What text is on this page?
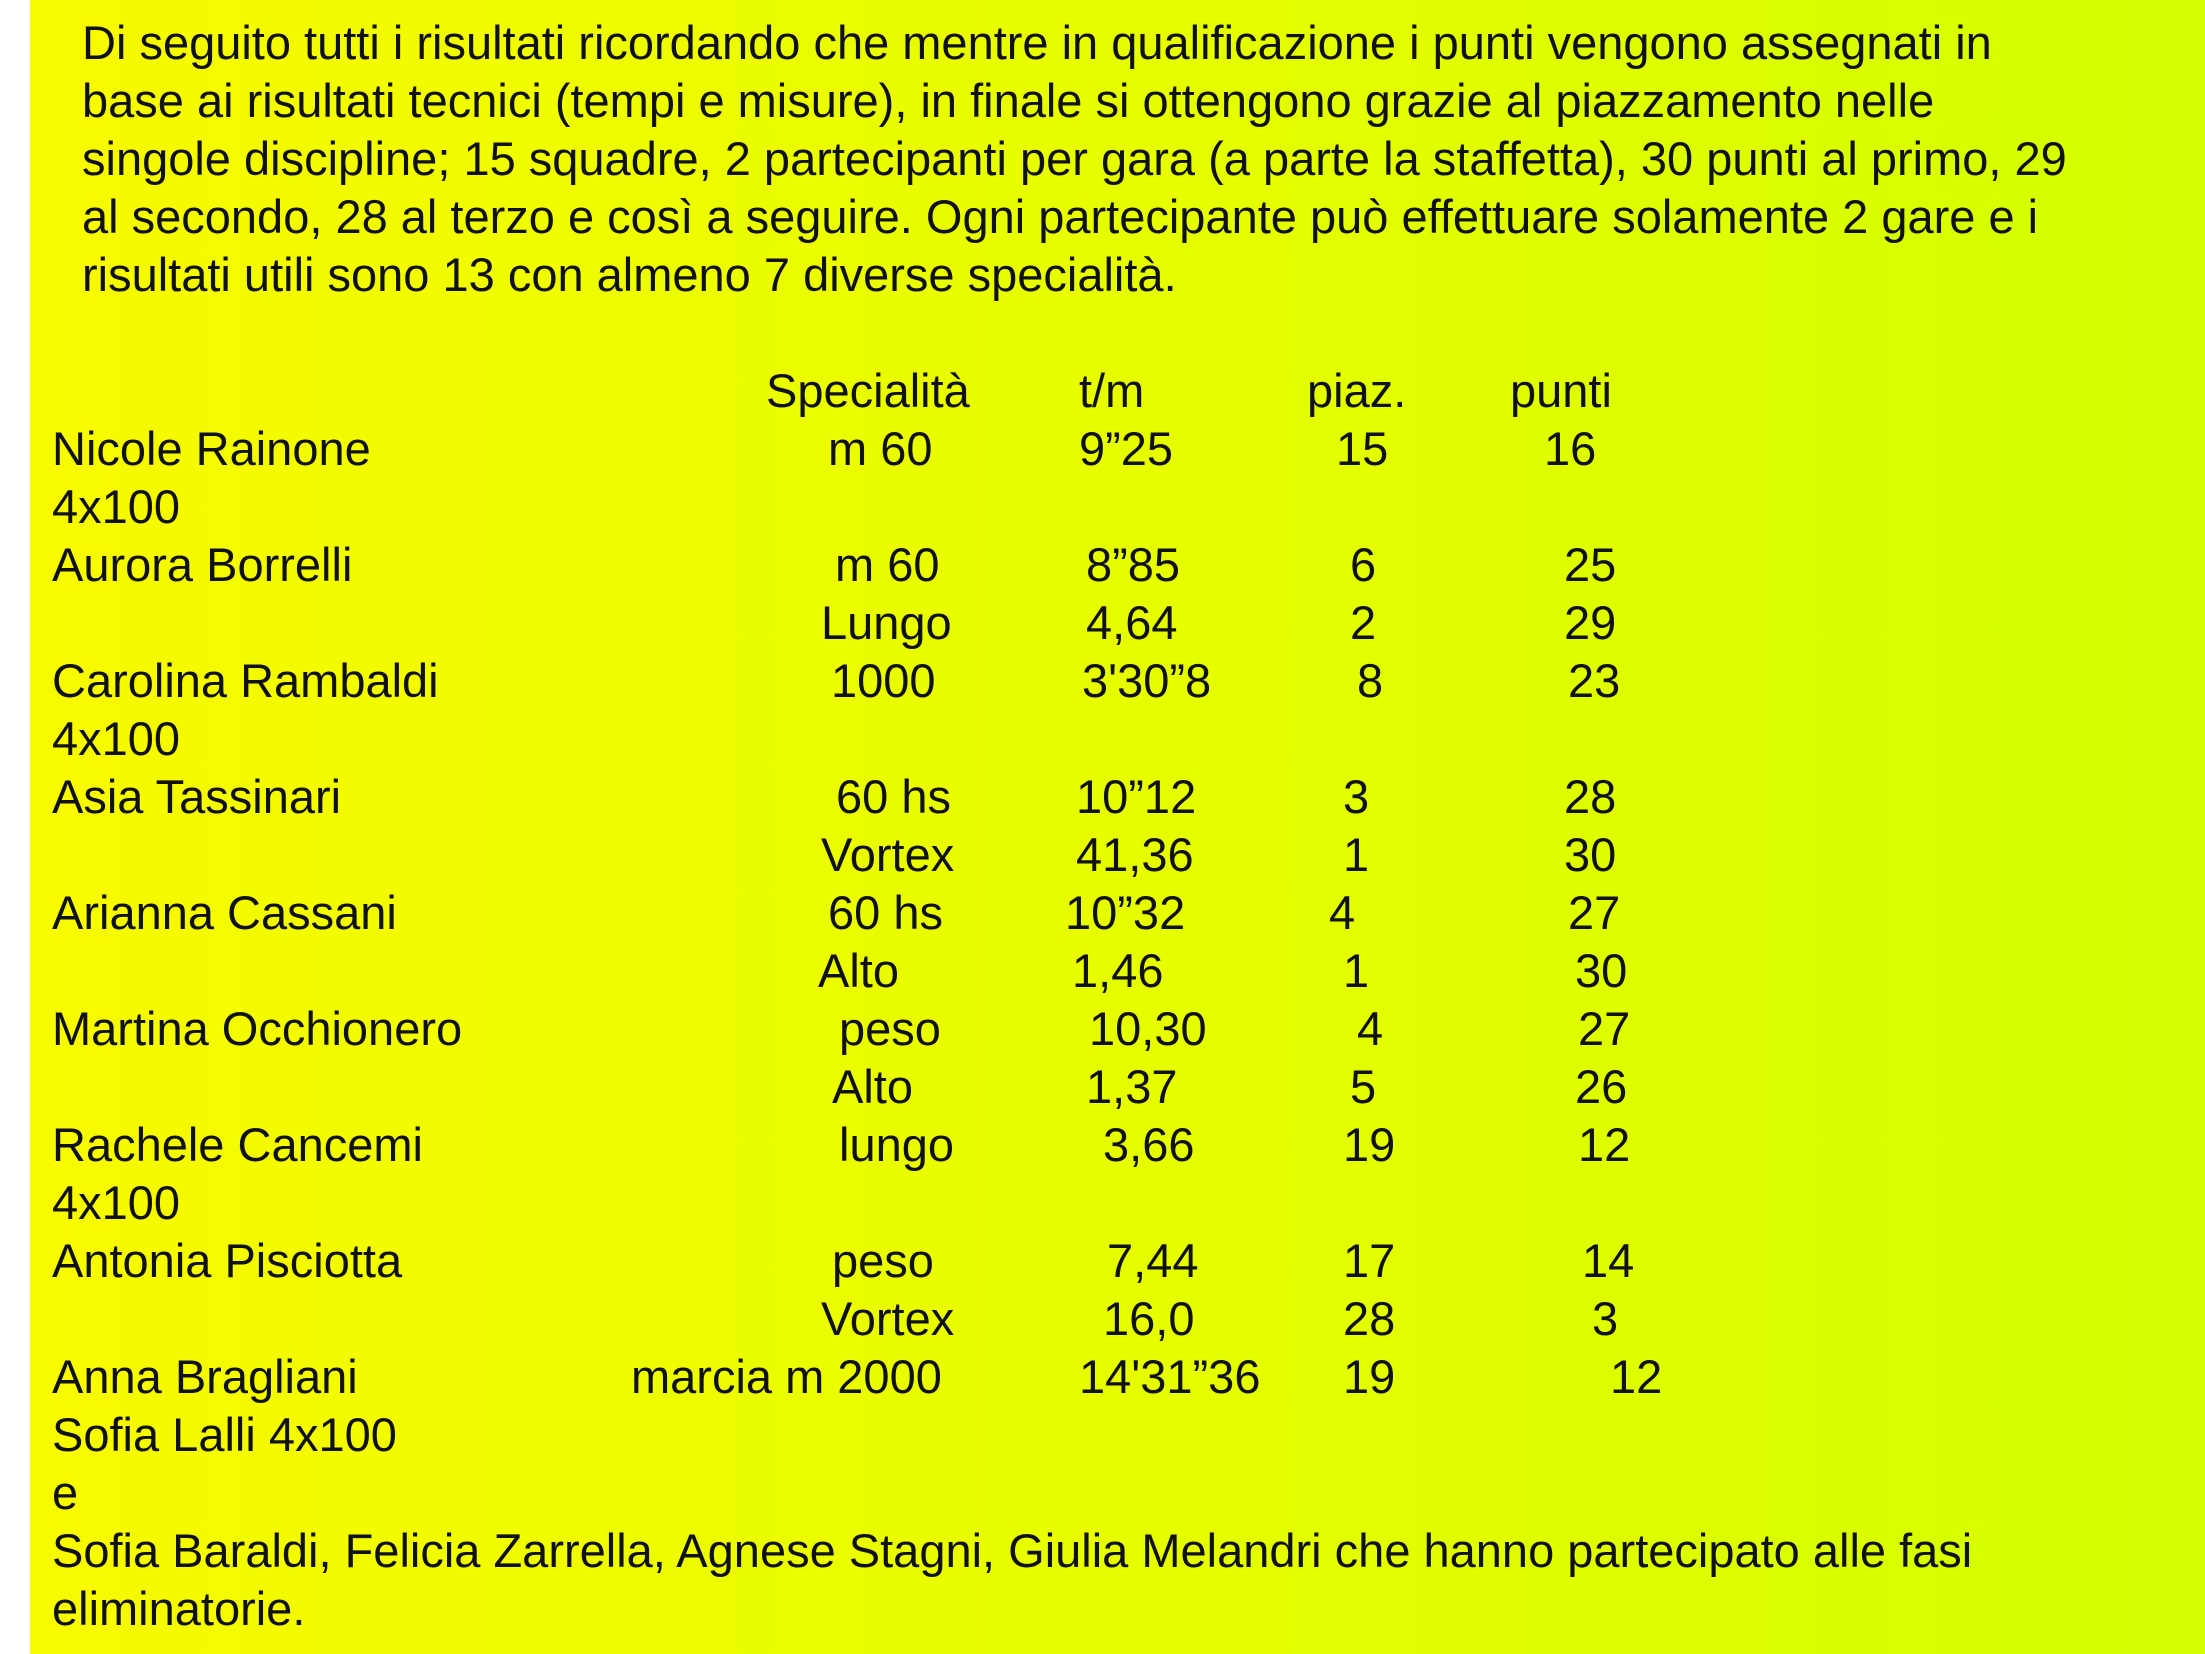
Di seguito tutti i risultati ricordando che mentre in qualificazione i punti vengono assegnati in
base ai risultati tecnici (tempi e misure), in finale si ottengono grazie al piazzamento nelle
singole discipline; 15 squadre, 2 partecipanti per gara (a parte la staffetta), 30 punti al primo, 29
al secondo, 28 al terzo e così a seguire. Ogni partecipante può effettuare solamente 2 gare e i
risultati utili sono 13 con almeno 7 diverse specialità.
Specialità t/m	piaz. punti
Nicole Rainone	m 60	9”25	15	16
4x100
Aurora Borrelli	m 60	8”85	6	25
Lungo	4,64	2	29
Carolina Rambaldi	1000	3'30”8	8	23
4x100
Asia Tassinari	60 hs	10”12	3	28
Vortex	41,36	1	30
Arianna Cassani	60 hs	10”32	4	27
Alto	1,46	1	30
Martina Occhionero	peso	10,30	4	27
Alto	1,37	5	26
Rachele Cancemi	lungo	3,66	19	12
4x100
Antonia Pisciotta	peso	7,44	17	14
Vortex	16,0	28	3
Anna Bragliani	marcia m 2000	14'31”36 19	12
Sofia Lalli 4x100
e
Sofia Baraldi, Felicia Zarrella, Agnese Stagni, Giulia Melandri che hanno partecipato alle fasi
eliminatorie.
